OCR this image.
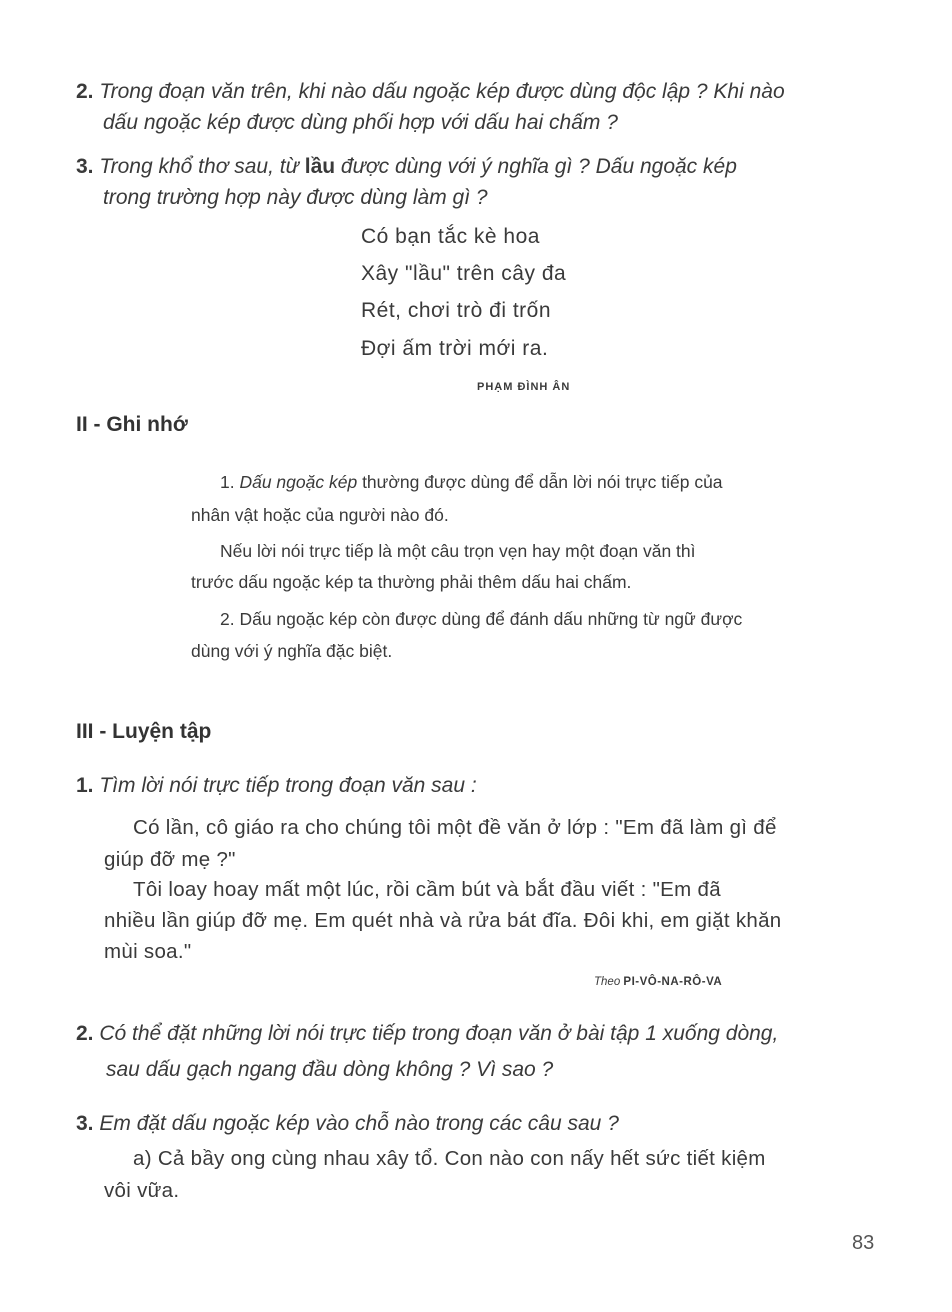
2. Trong đoạn văn trên, khi nào dấu ngoặc kép được dùng độc lập ? Khi nào
dấu ngoặc kép được dùng phối hợp với dấu hai chấm ?
3. Trong khổ thơ sau, từ lầu được dùng với ý nghĩa gì ? Dấu ngoặc kép
trong trường hợp này được dùng làm gì ?
Có bạn tắc kè hoa
Xây "lầu" trên cây đa
Rét, chơi trò đi trốn
Đợi ấm trời mới ra.
PHẠM ĐÌNH ÂN
II - Ghi nhớ
1. Dấu ngoặc kép thường được dùng để dẫn lời nói trực tiếp của
nhân vật hoặc của người nào đó.
Nếu lời nói trực tiếp là một câu trọn vẹn hay một đoạn văn thì
trước dấu ngoặc kép ta thường phải thêm dấu hai chấm.
2. Dấu ngoặc kép còn được dùng để đánh dấu những từ ngữ được
dùng với ý nghĩa đặc biệt.
III - Luyện tập
1. Tìm lời nói trực tiếp trong đoạn văn sau :
Có lần, cô giáo ra cho chúng tôi một đề văn ở lớp : "Em đã làm gì để
giúp đỡ mẹ ?"
Tôi loay hoay mất một lúc, rồi cầm bút và bắt đầu viết : "Em đã
nhiều lần giúp đỡ mẹ. Em quét nhà và rửa bát đĩa. Đôi khi, em giặt khăn
mùi soa."
Theo PI-VÔ-NA-RÔ-VA
2. Có thể đặt những lời nói trực tiếp trong đoạn văn ở bài tập 1 xuống dòng,
sau dấu gạch ngang đầu dòng không ? Vì sao ?
3. Em đặt dấu ngoặc kép vào chỗ nào trong các câu sau ?
a) Cả bầy ong cùng nhau xây tổ. Con nào con nấy hết sức tiết kiệm
vôi vữa.
83
